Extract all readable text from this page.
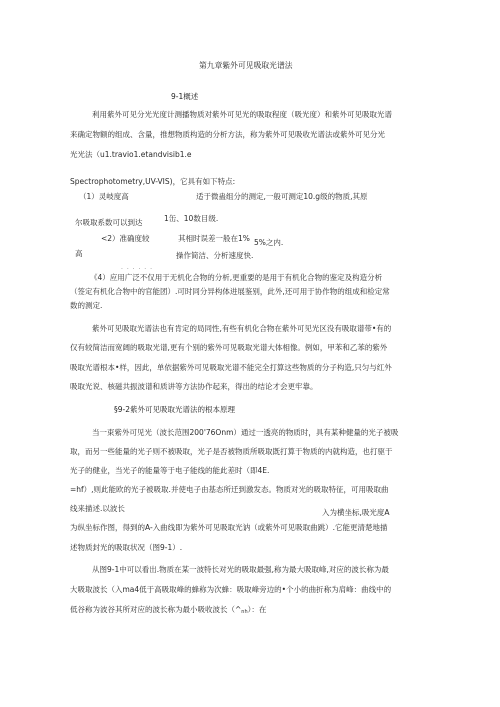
第九章紫外可见吸取光谱法
9-1概述
利用紫外可见分光光度计测播物质对紫外可见光的吸取程度（吸光度）和紫外可见吸取光谱
来确定物额的组成、含量，推想物质构造的分析方法，称为紫外可见吸收光谱法或紫外可见分光
光光法（u1.travio1.etandvisib1.e
Spectrophotometry,UV-VIS)，它具有如下特点:
（1）灵岐度高	适于微蛊组分的测定,一般可测定10.g级的物质,其原
尔吸取系数可以到达	1缶、10数目级.
<2）准确度较	其相时误差一般在1% 5%之内.
高	操作简洁、分析速度快.
. . . . . .
《4）应用广泛不仅用于无机化合物的分析,更重要的是用于有机化合物的鉴定及构造分析
（签定有机化合物中的官能团）.可时同分异构体进展鉴别，此外,还可用于协作物的组成和检定常
数的测定.
紫外可见吸取光谱法也有肯定的局同性,有些有机化合物在紫外可见光区没有吸取谱带•有的
仅有较简洁而宽阔的吸取光谱,更有个别的紫外可见吸取光谱大体相像。例如，甲苯和乙苯的紫外
吸取光谱根本•样，因此，单依据紫外可见吸取光谱不能完全打算这些物质的分子构造,只匀与红外
吸取光说、核磁共振波谱和质讲等方法协作起来，得出的结论才会更牢靠。
§9-2紫外可见吸取光谱法的根本原理
当一束紫外可见光（波长范围200'76Onm）通过一透亮的物质时，具有某种健量的光子被吸
取，而另一些能量的光子则不被吸取，光子是否被物质所吸取既打算于物质的内就构造，也打驱于
光子的健业，当光子的能量等于电子能线的能此差时（即4E.
=hf）,则此能欧的光子被吸取.并使电子由基态所迁到激发态。物质对光的吸取特征，可用吸取曲
线来描述.以波长	入为横坐标,吸光度A
为纵坐标作图，得到的A-入曲线即为紫外可见吸取光讷（或紫外可见吸取曲跳）.它能更清楚地描
述物质封光的吸取状况（图9-1）.
从图9-1中可以看出.物质在某一波特长对光的吸取最强,称为最大吸取峰,对应的波长称为最
大吸取波长（入ma4低于高吸取峰的蜂称为次蜂：吸取峰旁边的•个小的曲折称为肩峰：曲线中的
低谷称为波谷其所对应的波长称为最小吸收波长$(\^{}_{nh})$：在
